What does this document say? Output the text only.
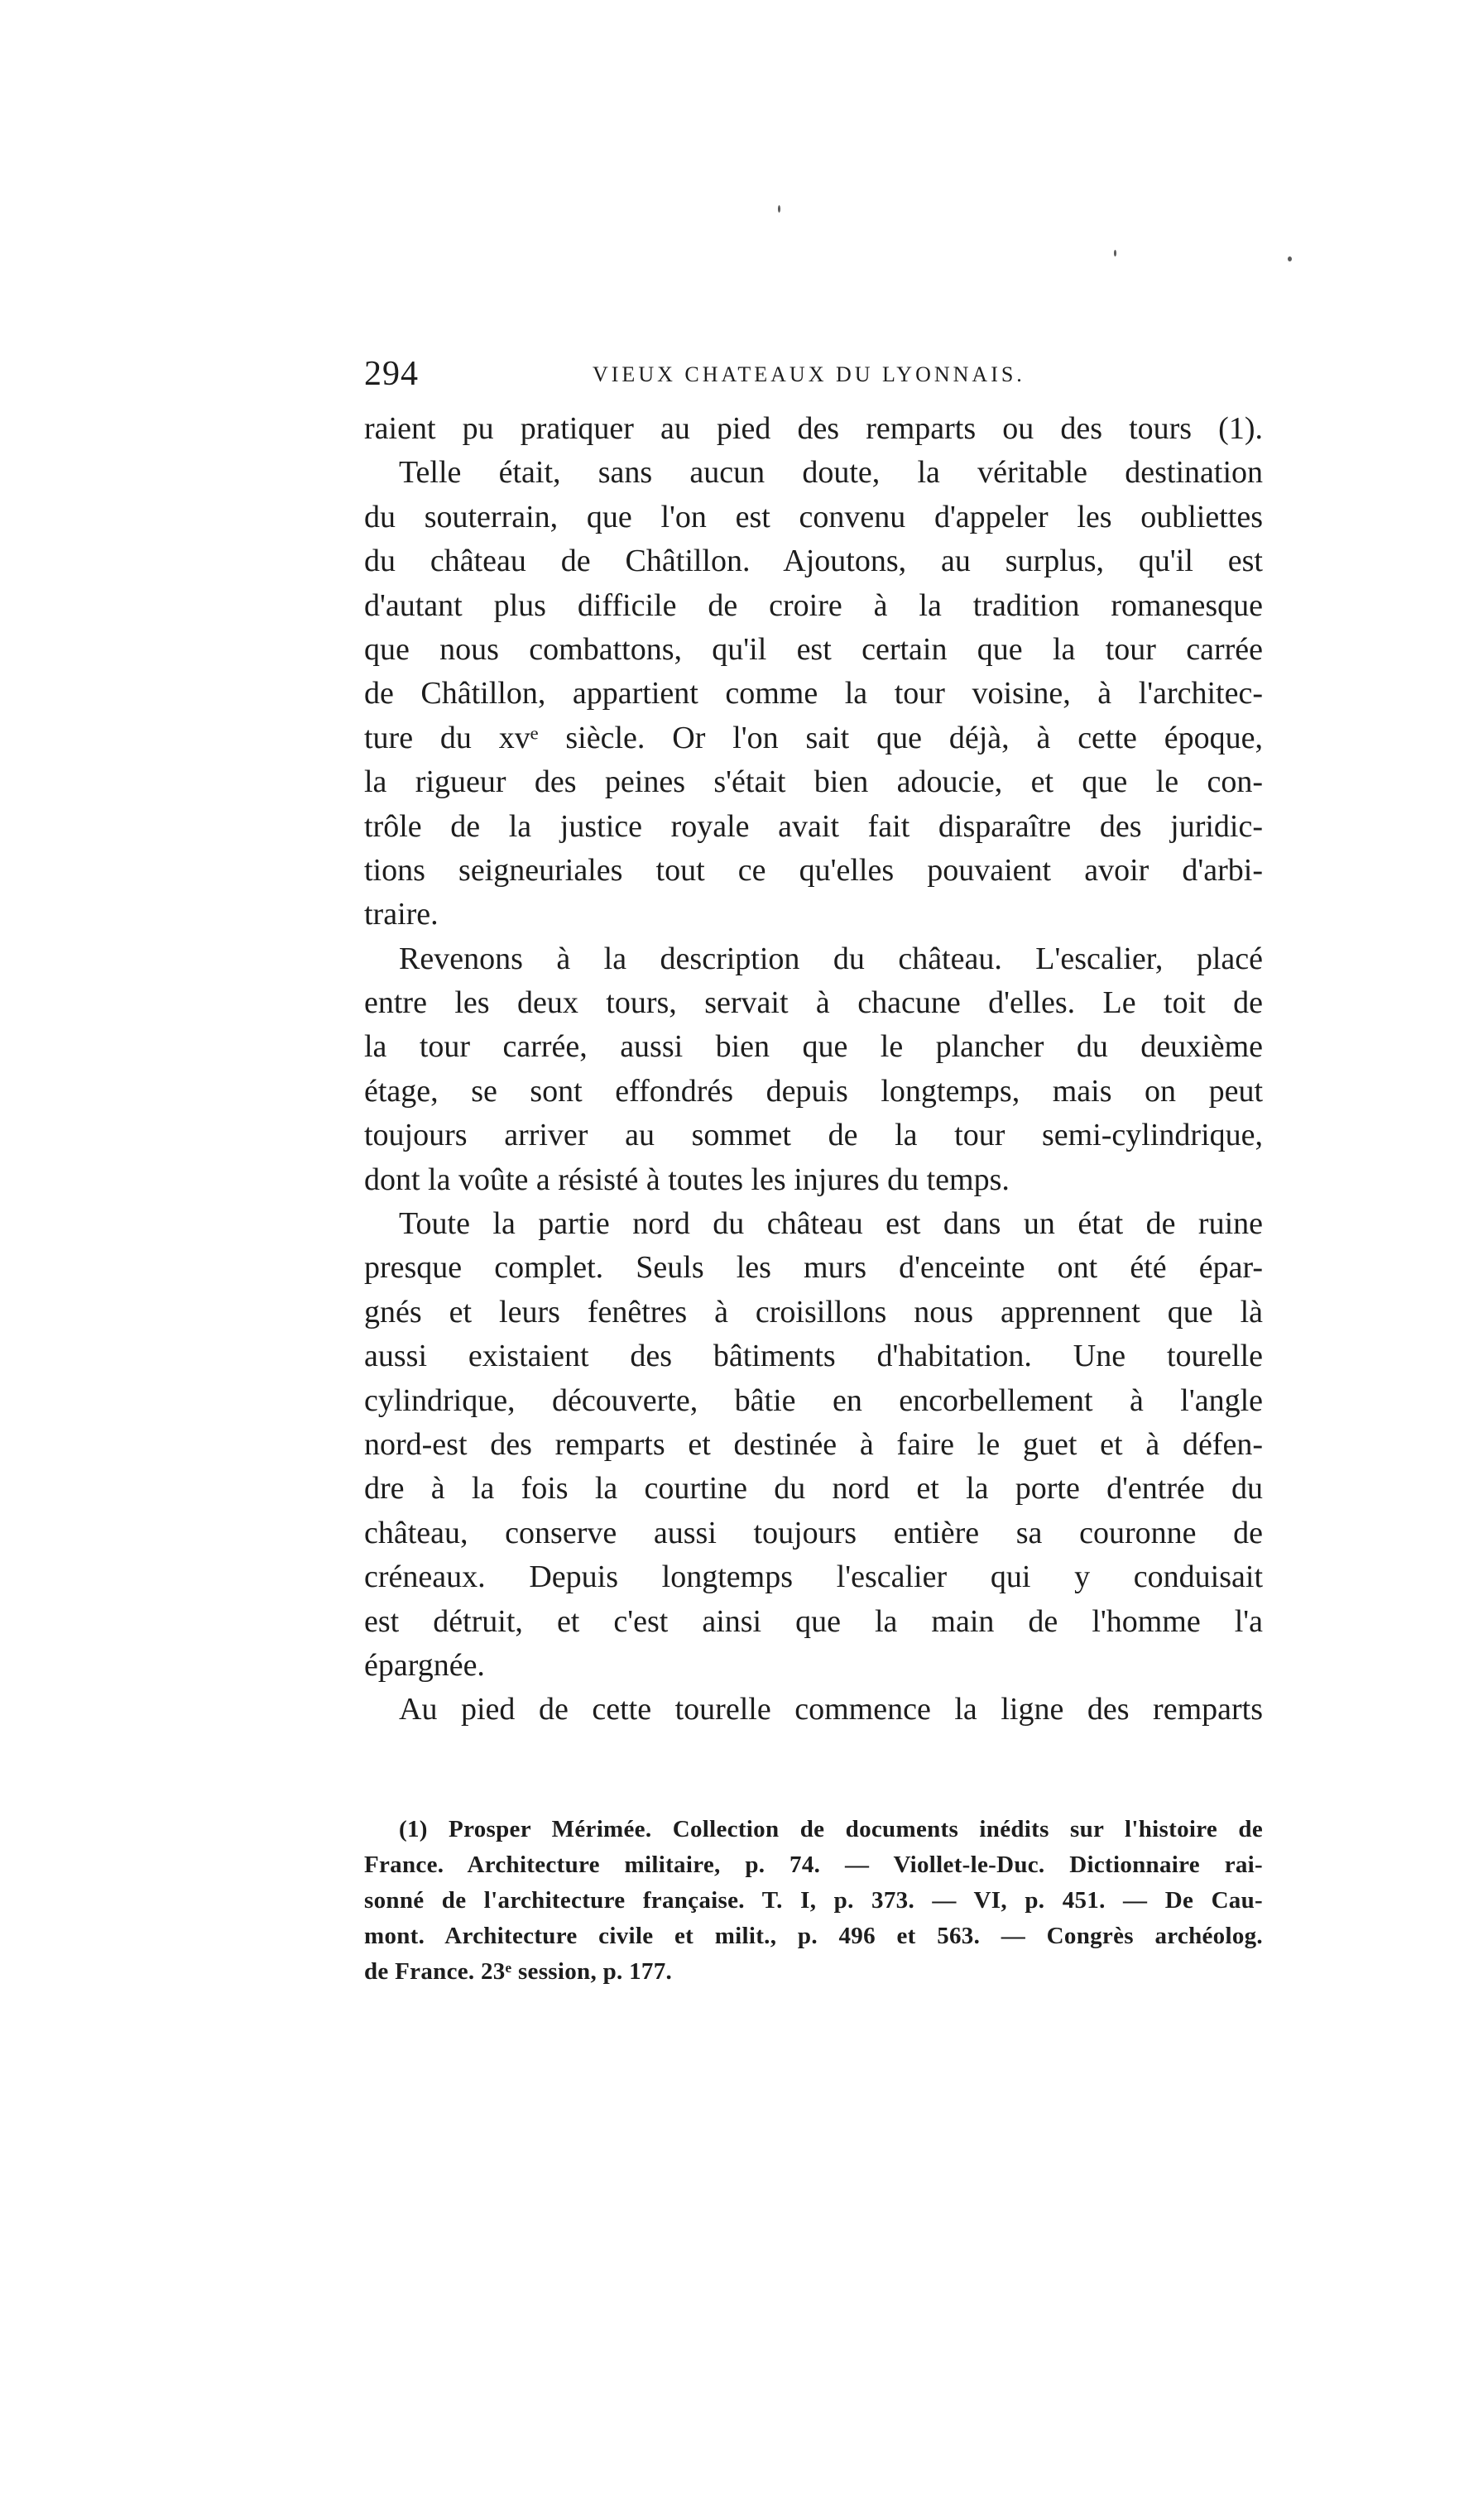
294	VIEUX CHATEAUX DU LYONNAIS.
raient pu pratiquer au pied des remparts ou des tours (1).
Telle était, sans aucun doute, la véritable destination
du souterrain, que l'on est convenu d'appeler les oubliettes
du château de Châtillon. Ajoutons, au surplus, qu'il est
d'autant plus difficile de croire à la tradition romanesque
que nous combattons, qu'il est certain que la tour carrée
de Châtillon, appartient comme la tour voisine, à l'architec-
ture du xvᵉ siècle. Or l'on sait que déjà, à cette époque,
la rigueur des peines s'était bien adoucie, et que le con-
trôle de la justice royale avait fait disparaître des juridic-
tions seigneuriales tout ce qu'elles pouvaient avoir d'arbi-
traire.
Revenons à la description du château. L'escalier, placé
entre les deux tours, servait à chacune d'elles. Le toit de
la tour carrée, aussi bien que le plancher du deuxième
étage, se sont effondrés depuis longtemps, mais on peut
toujours arriver au sommet de la tour semi-cylindrique,
dont la voûte a résisté à toutes les injures du temps.
Toute la partie nord du château est dans un état de ruine
presque complet. Seuls les murs d'enceinte ont été épar-
gnés et leurs fenêtres à croisillons nous apprennent que là
aussi existaient des bâtiments d'habitation. Une tourelle
cylindrique, découverte, bâtie en encorbellement à l'angle
nord-est des remparts et destinée à faire le guet et à défen-
dre à la fois la courtine du nord et la porte d'entrée du
château, conserve aussi toujours entière sa couronne de
créneaux. Depuis longtemps l'escalier qui y conduisait
est détruit, et c'est ainsi que la main de l'homme l'a
épargnée.
Au pied de cette tourelle commence la ligne des remparts
(1) Prosper Mérimée. Collection de documents inédits sur l'histoire de
France. Architecture militaire, p. 74. — Viollet-le-Duc. Dictionnaire rai-
sonné de l'architecture française. T. I, p. 373. — VI, p. 451. — De Cau-
mont. Architecture civile et milit., p. 496 et 563. — Congrès archéolog.
de France. 23ᵉ session, p. 177.
